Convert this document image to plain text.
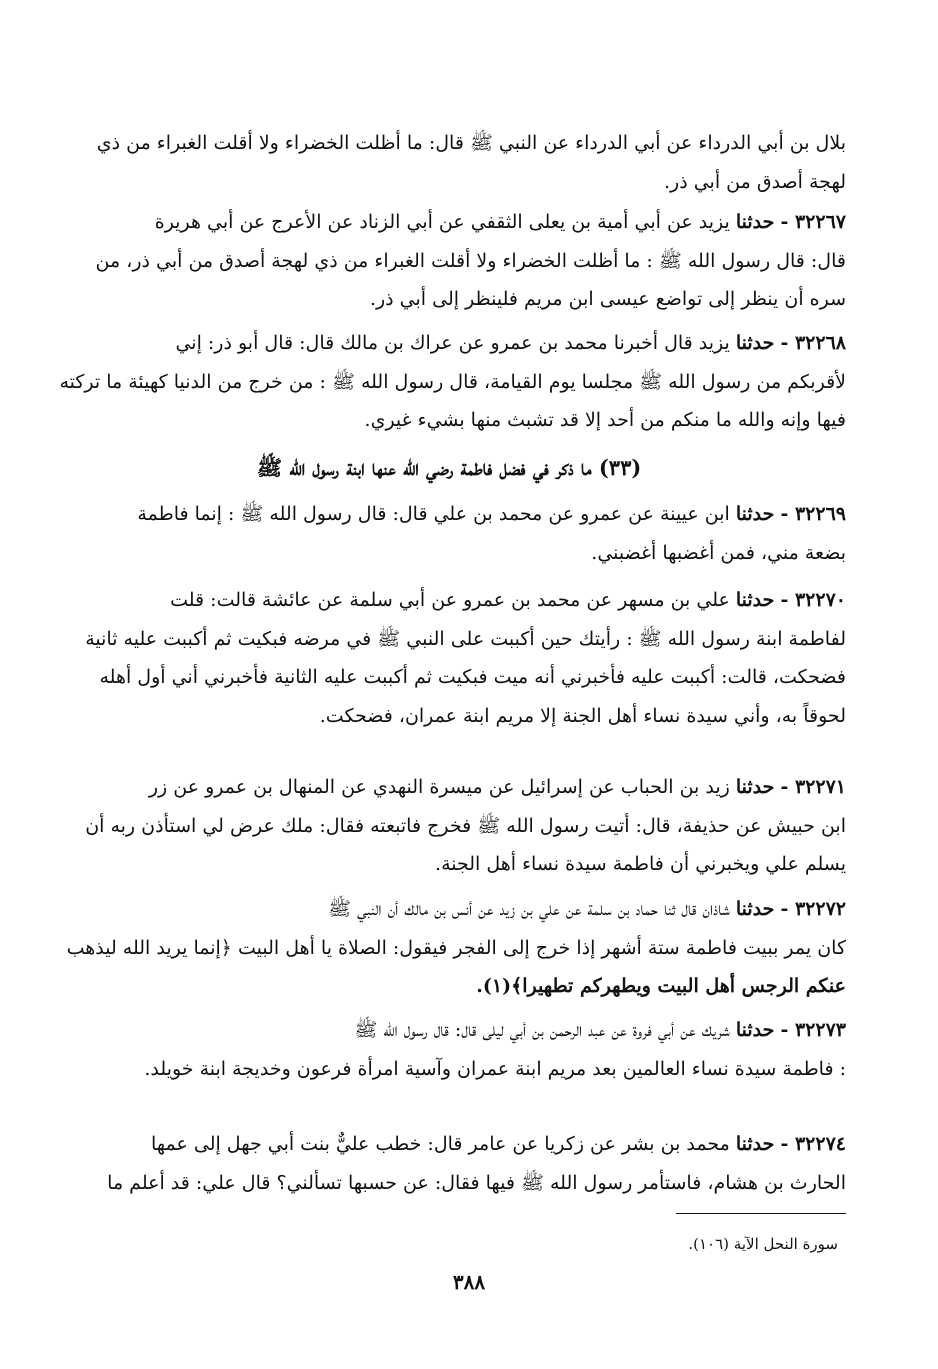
بلال بن أبي الدرداء عن أبي الدرداء عن النبي ﷺ قال: ما أظلت الخضراء ولا أقلت الغبراء من ذي
لهجة أصدق من أبي ذر.
٣٢٢٦٧ - حدثنا يزيد عن أبي أمية بن يعلى الثقفي عن أبي الزناد عن الأعرج عن أبي هريرة
قال: قال رسول الله ﷺ : ما أظلت الخضراء ولا أقلت الغبراء من ذي لهجة أصدق من أبي ذر، من
سره أن ينظر إلى تواضع عيسى ابن مريم فلينظر إلى أبي ذر.
٣٢٢٦٨ - حدثنا يزيد قال أخبرنا محمد بن عمرو عن عراك بن مالك قال: قال أبو ذر: إني
لأقربكم من رسول الله ﷺ مجلسا يوم القيامة، قال رسول الله ﷺ : من خرج من الدنيا كهيئة ما تركته
فيها وإنه والله ما منكم من أحد إلا قد تشبث منها بشيء غيري.
(٣٣) ما ذكر في فضل فاطمة رضي الله عنها ابنة رسول الله ﷺ
٣٢٢٦٩ - حدثنا ابن عيينة عن عمرو عن محمد بن علي قال: قال رسول الله ﷺ : إنما فاطمة
بضعة مني، فمن أغضبها أغضبني.
٣٢٢٧٠ - حدثنا علي بن مسهر عن محمد بن عمرو عن أبي سلمة عن عائشة قالت: قلت
لفاطمة ابنة رسول الله ﷺ : رأيتك حين أكببت على النبي ﷺ في مرضه فبكيت ثم أكببت عليه ثانية
فضحكت، قالت: أكببت عليه فأخبرني أنه ميت فبكيت ثم أكببت عليه الثانية فأخبرني أني أول أهله
لحوقاً به، وأني سيدة نساء أهل الجنة إلا مريم ابنة عمران، فضحكت.
٣٢٢٧١ - حدثنا زيد بن الحباب عن إسرائيل عن ميسرة النهدي عن المنهال بن عمرو عن زر
ابن حبيش عن حذيفة، قال: أتيت رسول الله ﷺ فخرج فاتبعته فقال: ملك عرض لي استأذن ربه أن
يسلم علي ويخبرني أن فاطمة سيدة نساء أهل الجنة.
٣٢٢٧٢ - حدثنا شاذان قال ثنا حماد بن سلمة عن علي بن زيد عن أنس بن مالك أن النبي ﷺ
كان يمر ببيت فاطمة ستة أشهر إذا خرج إلى الفجر فيقول: الصلاة يا أهل البيت ﴿إنما يريد الله ليذهب
عنكم الرجس أهل البيت ويطهركم تطهيرا﴾(١).
٣٢٢٧٣ - حدثنا شريك عن أبي فروة عن عبد الرحمن بن أبي ليلى قال: قال رسول الله ﷺ
: فاطمة سيدة نساء العالمين بعد مريم ابنة عمران وآسية امرأة فرعون وخديجة ابنة خويلد.
٣٢٢٧٤ - حدثنا محمد بن بشر عن زكريا عن عامر قال: خطب عليٌّ بنت أبي جهل إلى عمها
الحارث بن هشام، فاستأمر رسول الله ﷺ فيها فقال: عن حسبها تسألني؟ قال علي: قد أعلم ما
سورة النحل الآية (١٠٦).
٣٨٨
